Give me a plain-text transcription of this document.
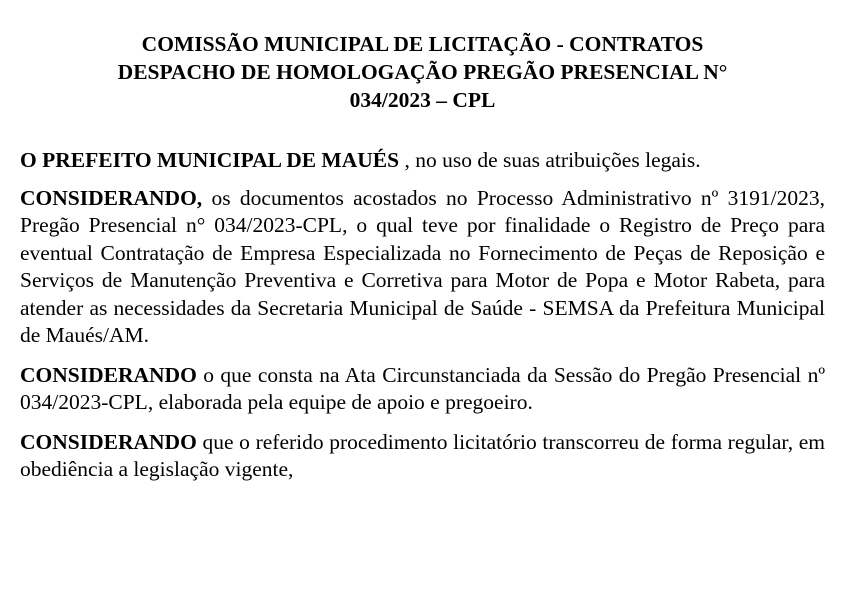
COMISSÃO MUNICIPAL DE LICITAÇÃO - CONTRATOS
DESPACHO DE HOMOLOGAÇÃO PREGÃO PRESENCIAL N°
034/2023 – CPL

O PREFEITO MUNICIPAL DE MAUÉS , no uso de suas atribuições legais.

CONSIDERANDO, os documentos acostados no Processo Administrativo nº 3191/2023, Pregão Presencial n° 034/2023-CPL, o qual teve por finalidade o Registro de Preço para eventual Contratação de Empresa Especializada no Fornecimento de Peças de Reposição e Serviços de Manutenção Preventiva e Corretiva para Motor de Popa e Motor Rabeta, para atender as necessidades da Secretaria Municipal de Saúde - SEMSA da Prefeitura Municipal de Maués/AM.

CONSIDERANDO o que consta na Ata Circunstanciada da Sessão do Pregão Presencial nº 034/2023-CPL, elaborada pela equipe de apoio e pregoeiro.

CONSIDERANDO que o referido procedimento licitatório transcorreu de forma regular, em obediência a legislação vigente,
